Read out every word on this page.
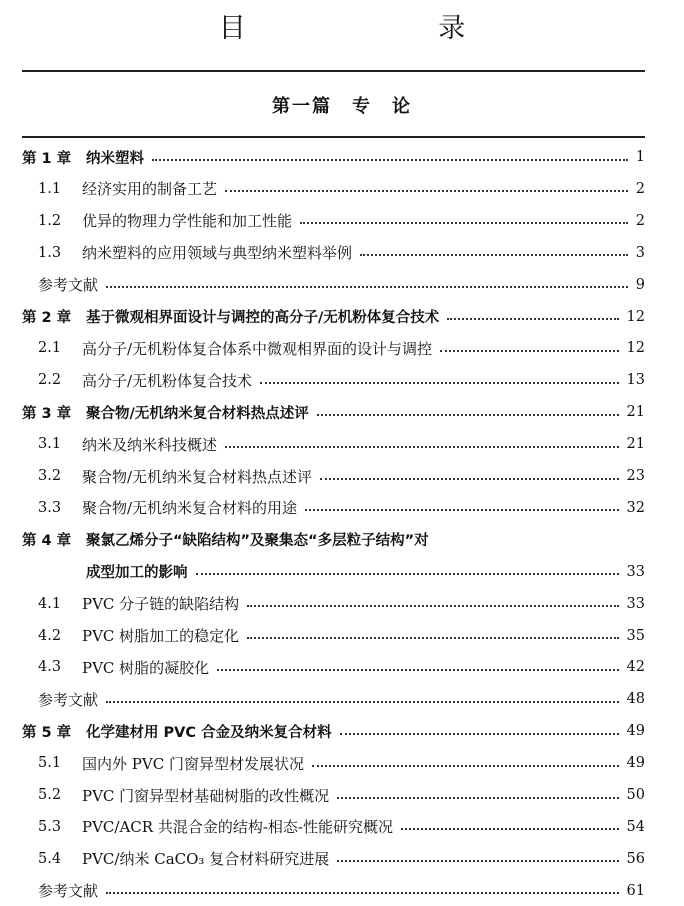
目 录
第一篇　专　论
第 1 章	纳米塑料	1
1.1	经济实用的制备工艺	2
1.2	优异的物理力学性能和加工性能	2
1.3	纳米塑料的应用领域与典型纳米塑料举例	3
参考文献	9
第 2 章	基于微观相界面设计与调控的高分子/无机粉体复合技术	12
2.1	高分子/无机粉体复合体系中微观相界面的设计与调控	12
2.2	高分子/无机粉体复合技术	13
第 3 章	聚合物/无机纳米复合材料热点述评	21
3.1	纳米及纳米科技概述	21
3.2	聚合物/无机纳米复合材料热点述评	23
3.3	聚合物/无机纳米复合材料的用途	32
第 4 章	聚氯乙烯分子“缺陷结构”及聚集态“多层粒子结构”对
成型加工的影响	33
4.1	PVC 分子链的缺陷结构	33
4.2	PVC 树脂加工的稳定化	35
4.3	PVC 树脂的凝胶化	42
参考文献	48
第 5 章	化学建材用 PVC 合金及纳米复合材料	49
5.1	国内外 PVC 门窗异型材发展状况	49
5.2	PVC 门窗异型材基础树脂的改性概况	50
5.3	PVC/ACR 共混合金的结构-相态-性能研究概况	54
5.4	PVC/纳米 CaCO₃ 复合材料研究进展	56
参考文献	61
